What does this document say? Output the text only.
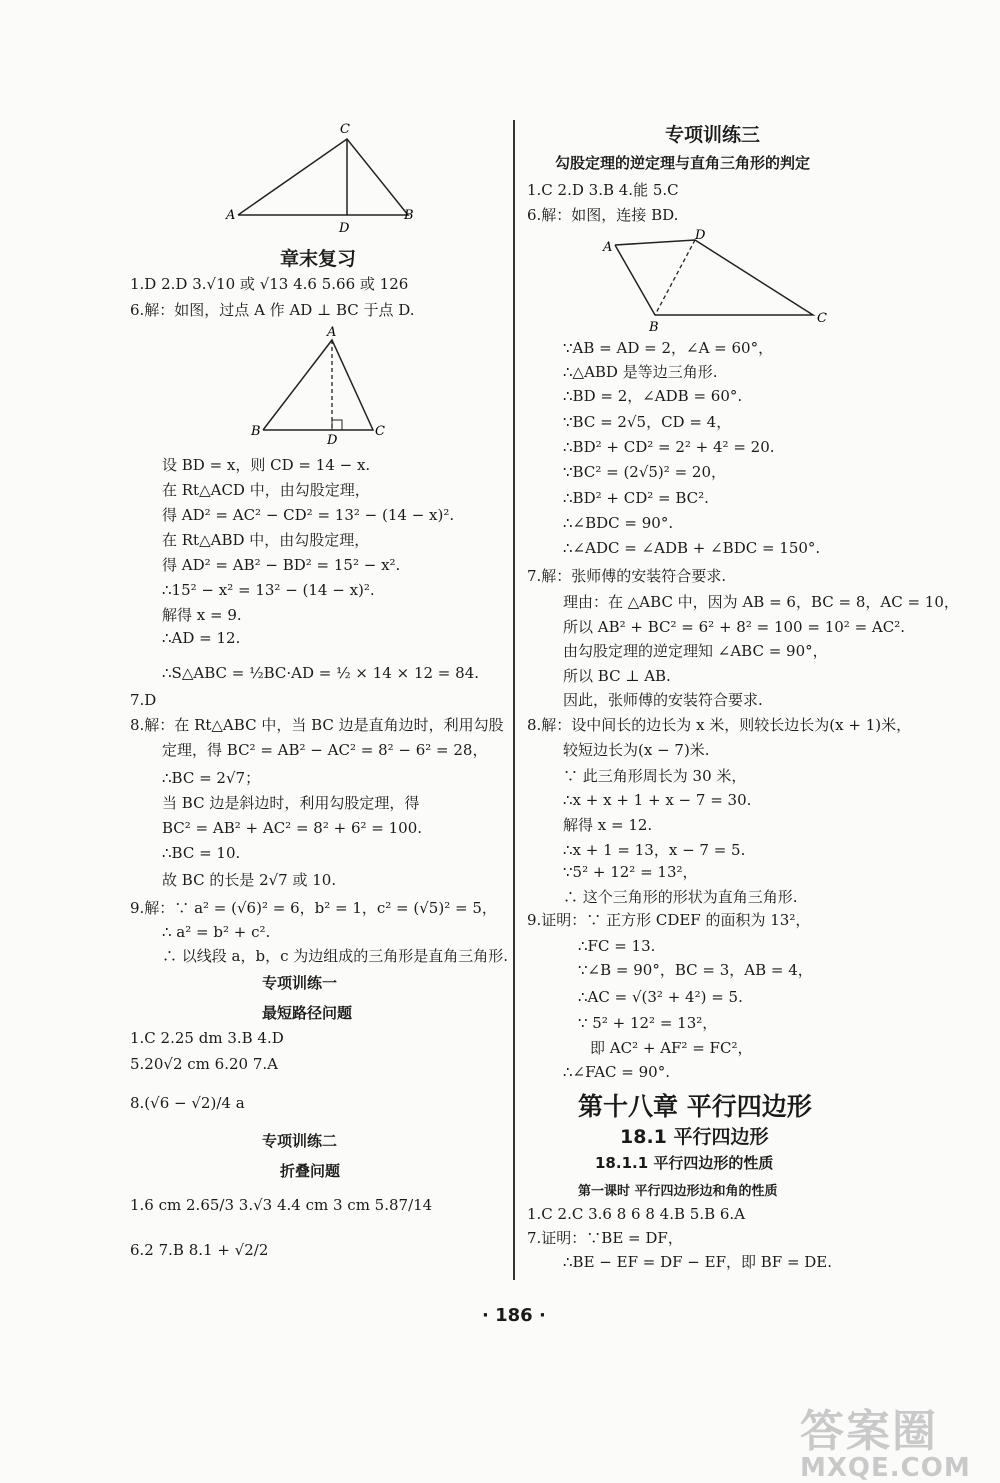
C
A	B
D
章末复习
1.D 2.D 3.√10 或 √13 4.6 5.66 或 126
6.解：如图，过点 A 作 AD ⊥ BC 于点 D.
A
B	C
D
设 BD = x，则 CD = 14 − x.
在 Rt△ACD 中，由勾股定理，
得 AD² = AC² − CD² = 13² − (14 − x)².
在 Rt△ABD 中，由勾股定理，
得 AD² = AB² − BD² = 15² − x².
∴15² − x² = 13² − (14 − x)².
解得 x = 9.
∴AD = 12.
∴S△ABC = ½BC·AD = ½ × 14 × 12 = 84.
7.D
8.解：在 Rt△ABC 中，当 BC 边是直角边时，利用勾股
定理，得 BC² = AB² − AC² = 8² − 6² = 28，
∴BC = 2√7；
当 BC 边是斜边时，利用勾股定理，得
BC² = AB² + AC² = 8² + 6² = 100.
∴BC = 10.
故 BC 的长是 2√7 或 10.
9.解：∵ a² = (√6)² = 6，b² = 1，c² = (√5)² = 5，
∴ a² = b² + c².
∴ 以线段 a，b，c 为边组成的三角形是直角三角形.
专项训练一
最短路径问题
1.C 2.25 dm 3.B 4.D
5.20√2 cm 6.20 7.A
8.(√6 − √2)/4 a
专项训练二
折叠问题
1.6 cm 2.65/3 3.√3 4.4 cm 3 cm 5.87/14
6.2 7.B 8.1 + √2/2
专项训练三
勾股定理的逆定理与直角三角形的判定
1.C 2.D 3.B 4.能 5.C
6.解：如图，连接 BD.
A
D
B
C
∵AB = AD = 2，∠A = 60°，
∴△ABD 是等边三角形.
∴BD = 2，∠ADB = 60°.
∵BC = 2√5，CD = 4，
∴BD² + CD² = 2² + 4² = 20.
∵BC² = (2√5)² = 20，
∴BD² + CD² = BC².
∴∠BDC = 90°.
∴∠ADC = ∠ADB + ∠BDC = 150°.
7.解：张师傅的安装符合要求.
理由：在 △ABC 中，因为 AB = 6，BC = 8，AC = 10，
所以 AB² + BC² = 6² + 8² = 100 = 10² = AC².
由勾股定理的逆定理知 ∠ABC = 90°，
所以 BC ⊥ AB.
因此，张师傅的安装符合要求.
8.解：设中间长的边长为 x 米，则较长边长为(x + 1)米，
较短边长为(x − 7)米.
∵ 此三角形周长为 30 米，
∴x + x + 1 + x − 7 = 30.
解得 x = 12.
∴x + 1 = 13，x − 7 = 5.
∵5² + 12² = 13²，
∴ 这个三角形的形状为直角三角形.
9.证明：∵ 正方形 CDEF 的面积为 13²，
∴FC = 13.
∵∠B = 90°，BC = 3，AB = 4，
∴AC = √(3² + 4²) = 5.
∵ 5² + 12² = 13²，
即 AC² + AF² = FC²，
∴∠FAC = 90°.
第十八章 平行四边形
18.1 平行四边形
18.1.1 平行四边形的性质
第一课时 平行四边形边和角的性质
1.C 2.C 3.6 8 6 8 4.B 5.B 6.A
7.证明：∵BE = DF，
∴BE − EF = DF − EF，即 BF = DE.
· 186 ·
答案圈
MXQE.COM
